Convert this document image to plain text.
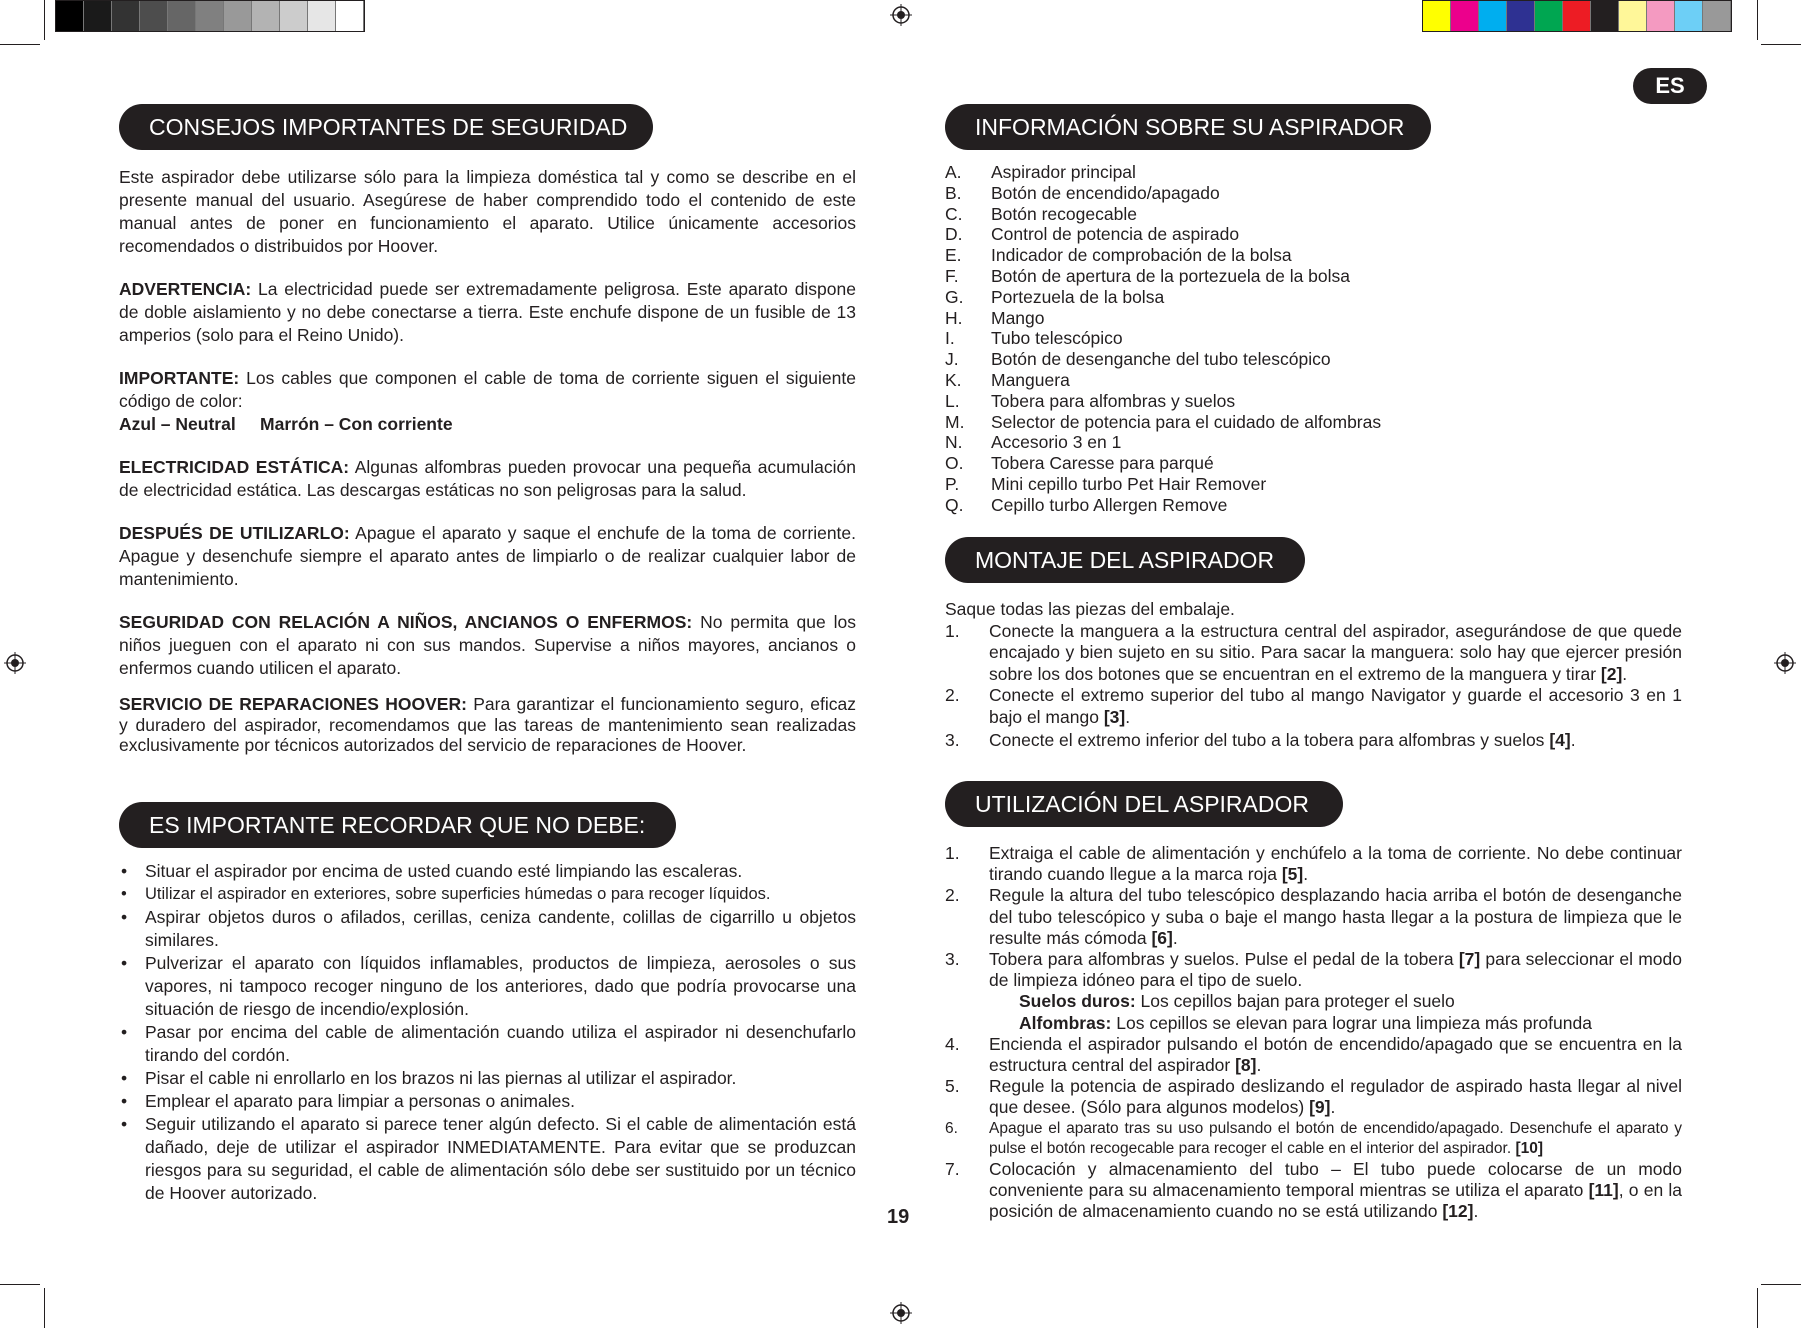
ES
CONSEJOS IMPORTANTES DE SEGURIDAD

Este aspirador debe utilizarse sólo para la limpieza doméstica tal y como se describe en el presente manual del usuario. Asegúrese de haber comprendido todo el contenido de este manual antes de poner en funcionamiento el aparato. Utilice únicamente accesorios recomendados o distribuidos por Hoover.

ADVERTENCIA: La electricidad puede ser extremadamente peligrosa. Este aparato dispone de doble aislamiento y no debe conectarse a tierra. Este enchufe dispone de un fusible de 13 amperios (solo para el Reino Unido).

IMPORTANTE: Los cables que componen el cable de toma de corriente siguen el siguiente código de color:

Azul – Neutral Marrón – Con corriente

ELECTRICIDAD ESTÁTICA: Algunas alfombras pueden provocar una pequeña acumulación de electricidad estática. Las descargas estáticas no son peligrosas para la salud.

DESPUÉS DE UTILIZARLO: Apague el aparato y saque el enchufe de la toma de corriente. Apague y desenchufe siempre el aparato antes de limpiarlo o de realizar cualquier labor de mantenimiento.

SEGURIDAD CON RELACIÓN A NIÑOS, ANCIANOS O ENFERMOS: No permita que los niños jueguen con el aparato ni con sus mandos. Supervise a niños mayores, ancianos o enfermos cuando utilicen el aparato.

SERVICIO DE REPARACIONES HOOVER: Para garantizar el funcionamiento seguro, eficaz y duradero del aspirador, recomendamos que las tareas de mantenimiento sean realizadas exclusivamente por técnicos autorizados del servicio de reparaciones de Hoover.

ES IMPORTANTE RECORDAR QUE NO DEBE:
• Situar el aspirador por encima de usted cuando esté limpiando las escaleras.
• Utilizar el aspirador en exteriores, sobre superficies húmedas o para recoger líquidos.
• Aspirar objetos duros o afilados, cerillas, ceniza candente, colillas de cigarrillo u objetos similares.
• Pulverizar el aparato con líquidos inflamables, productos de limpieza, aerosoles o sus vapores, ni tampoco recoger ninguno de los anteriores, dado que podría provocarse una situación de riesgo de incendio/explosión.
• Pasar por encima del cable de alimentación cuando utiliza el aspirador ni desenchufarlo tirando del cordón.
• Pisar el cable ni enrollarlo en los brazos ni las piernas al utilizar el aspirador.
• Emplear el aparato para limpiar a personas o animales.
• Seguir utilizando el aparato si parece tener algún defecto. Si el cable de alimentación está dañado, deje de utilizar el aspirador INMEDIATAMENTE. Para evitar que se produzcan riesgos para su seguridad, el cable de alimentación sólo debe ser sustituido por un técnico de Hoover autorizado.
19
INFORMACIÓN SOBRE SU ASPIRADOR
A. Aspirador principal
B. Botón de encendido/apagado
C. Botón recogecable
D. Control de potencia de aspirado
E. Indicador de comprobación de la bolsa
F. Botón de apertura de la portezuela de la bolsa
G. Portezuela de la bolsa
H. Mango
I. Tubo telescópico
J. Botón de desenganche del tubo telescópico
K. Manguera
L. Tobera para alfombras y suelos
M. Selector de potencia para el cuidado de alfombras
N. Accesorio 3 en 1
O. Tobera Caresse para parqué
P. Mini cepillo turbo Pet Hair Remover
Q. Cepillo turbo Allergen Remove
MONTAJE DEL ASPIRADOR

Saque todas las piezas del embalaje.

1. Conecte la manguera a la estructura central del aspirador, asegurándose de que quede encajado y bien sujeto en su sitio. Para sacar la manguera: solo hay que ejercer presión sobre los dos botones que se encuentran en el extremo de la manguera y tirar [2].
2. Conecte el extremo superior del tubo al mango Navigator y guarde el accesorio 3 en 1 bajo el mango [3].
3. Conecte el extremo inferior del tubo a la tobera para alfombras y suelos [4].
UTILIZACIÓN DEL ASPIRADOR
1. Extraiga el cable de alimentación y enchúfelo a la toma de corriente. No debe continuar tirando cuando llegue a la marca roja [5].
2. Regule la altura del tubo telescópico desplazando hacia arriba el botón de desenganche del tubo telescópico y suba o baje el mango hasta llegar a la postura de limpieza que le resulte más cómoda [6].
3. Tobera para alfombras y suelos. Pulse el pedal de la tobera [7] para seleccionar el modo de limpieza idóneo para el tipo de suelo.
Suelos duros: Los cepillos bajan para proteger el suelo
Alfombras: Los cepillos se elevan para lograr una limpieza más profunda
4. Encienda el aspirador pulsando el botón de encendido/apagado que se encuentra en la estructura central del aspirador [8].
5. Regule la potencia de aspirado deslizando el regulador de aspirado hasta llegar al nivel que desee. (Sólo para algunos modelos) [9].
6. Apague el aparato tras su uso pulsando el botón de encendido/apagado. Desenchufe el aparato y pulse el botón recogecable para recoger el cable en el interior del aspirador. [10]
7. Colocación y almacenamiento del tubo – El tubo puede colocarse de un modo conveniente para su almacenamiento temporal mientras se utiliza el aparato [11], o en la posición de almacenamiento cuando no se está utilizando [12].
